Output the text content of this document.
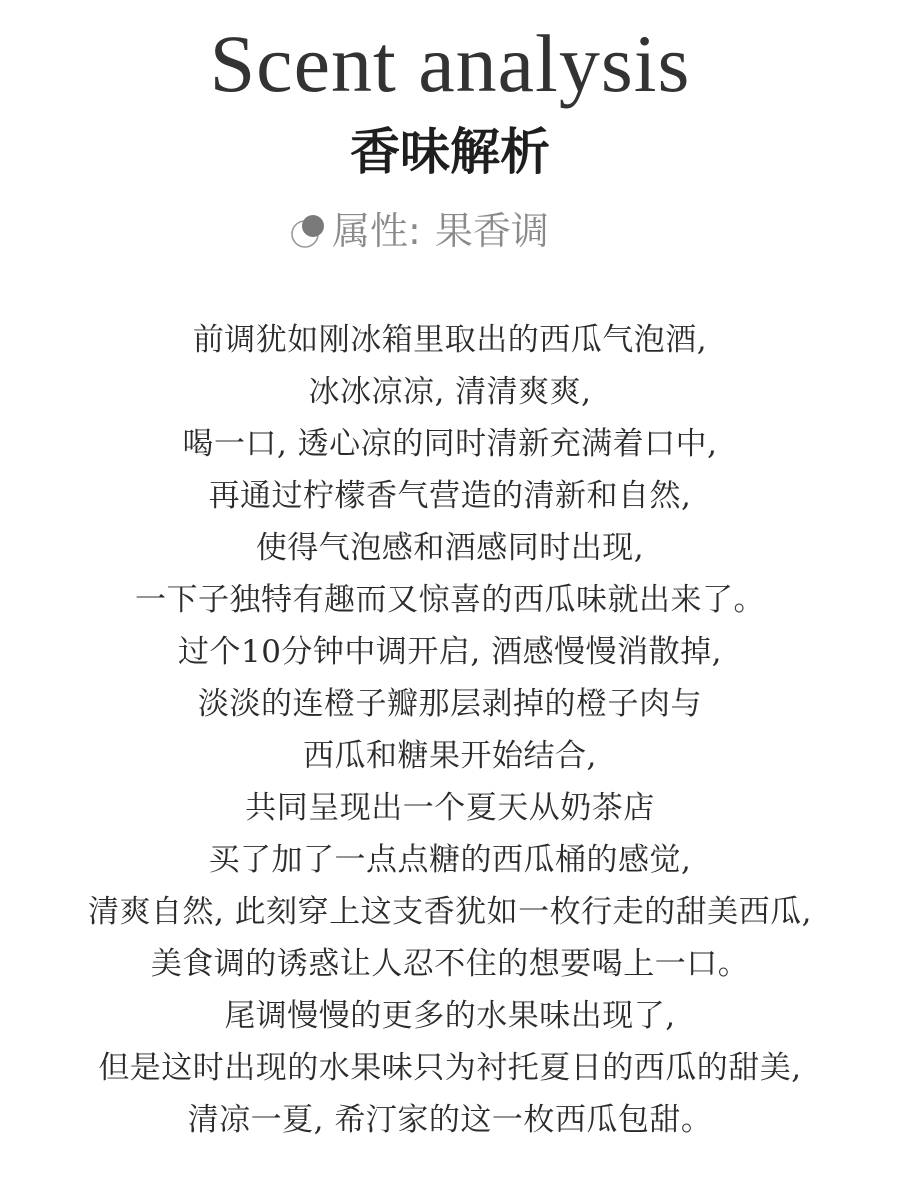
Scent analysis
香味解析
属性 : 果香调
前调犹如刚冰箱里取出的西瓜气泡酒,
冰冰凉凉, 清清爽爽,
喝一口, 透心凉的同时清新充满着口中,
再通过柠檬香气营造的清新和自然,
使得气泡感和酒感同时出现,
一下子独特有趣而又惊喜的西瓜味就出来了。
过个10分钟中调开启, 酒感慢慢消散掉,
淡淡的连橙子瓣那层剥掉的橙子肉与
西瓜和糖果开始结合,
共同呈现出一个夏天从奶茶店
买了加了一点点糖的西瓜桶的感觉,
清爽自然, 此刻穿上这支香犹如一枚行走的甜美西瓜,
美食调的诱惑让人忍不住的想要喝上一口。
尾调慢慢的更多的水果味出现了,
但是这时出现的水果味只为衬托夏日的西瓜的甜美,
清凉一夏, 希汀家的这一枚西瓜包甜。
